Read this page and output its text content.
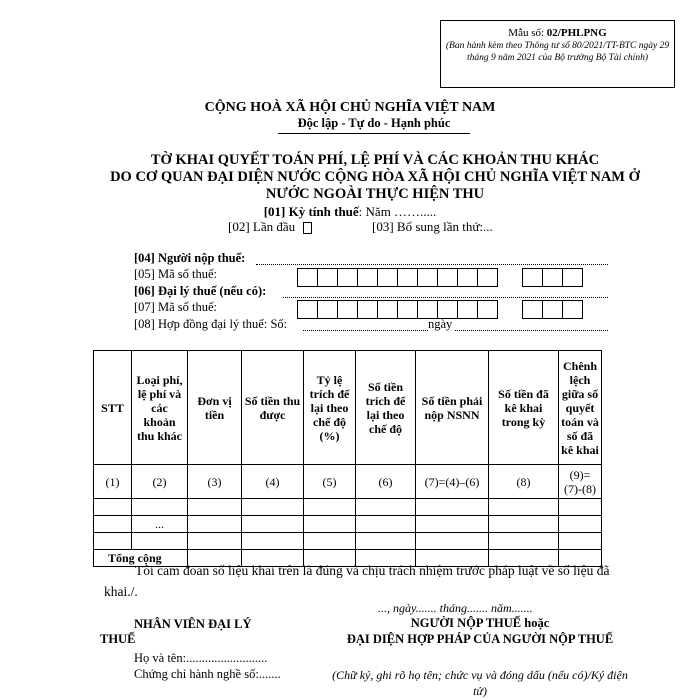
Mẫu số: 02/PHLPNG
(Ban hành kèm theo Thông tư số 80/2021/TT-BTC ngày 29 tháng 9 năm 2021 của Bộ trưởng Bộ Tài chính)
CỘNG HOÀ XÃ HỘI CHỦ NGHĨA VIỆT NAM
Độc lập - Tự do - Hạnh phúc
TỜ KHAI QUYẾT TOÁN PHÍ, LỆ PHÍ VÀ CÁC KHOẢN THU KHÁC
DO CƠ QUAN ĐẠI DIỆN NƯỚC CỘNG HÒA XÃ HỘI CHỦ NGHĨA VIỆT NAM Ở
NƯỚC NGOÀI THỰC HIỆN THU
[01] Kỳ tính thuế: Năm …….....
[02] Lần đầu	[03] Bổ sung lần thứ:...
[04] Người nộp thuế:
[05] Mã số thuế:
[06] Đại lý thuế (nếu có):
[07] Mã số thuế:
[08] Hợp đồng đại lý thuế: Số:	ngày
STT	Loại phí, lệ phí và các khoản thu khác	Đơn vị tiền	Số tiền thu được	Tỷ lệ trích để lại theo chế độ (%)	Số tiền trích để lại theo chế độ	Số tiền phải nộp NSNN	Số tiền đã kê khai trong kỳ	Chênh lệch giữa số quyết toán và số đã kê khai
(1)	(2)	(3)	(4)	(5)	(6)	(7)=(4)–(6)	(8)	(9)=(7)-(8)

	...							

Tổng cộng								
Tôi cam đoan số liệu khai trên là đúng và chịu trách nhiệm trước pháp luật về số liệu đã khai./.
NHÂN VIÊN ĐẠI LÝ
THUẾ
Họ và tên:..........................
Chứng chỉ hành nghề số:.......
..., ngày....... tháng....... năm.......
NGƯỜI NỘP THUẾ hoặc
ĐẠI DIỆN HỢP PHÁP CỦA NGƯỜI NỘP THUẾ
(Chữ ký, ghi rõ họ tên; chức vụ và đóng dấu (nếu có)/Ký điện tử)
